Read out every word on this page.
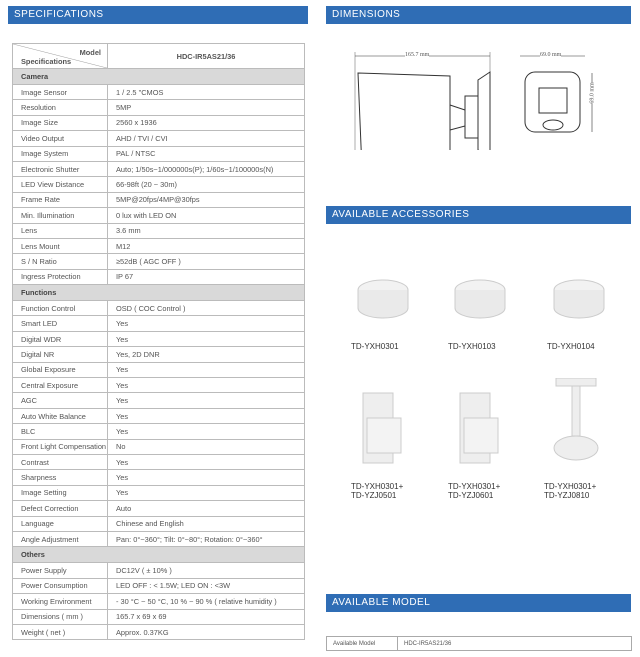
SPECIFICATIONS	DIMENSIONS
AVAILABLE ACCESSORIES
AVAILABLE MODEL
Model
Specifications	HDC-IR5AS21/36
Camera	
Image Sensor	1 / 2.5 "CMOS
Resolution	5MP
Image Size	2560 x 1936
Video Output	AHD / TVI / CVI
Image System	PAL / NTSC
Electronic Shutter	Auto; 1/50s~1/000000s(P); 1/60s~1/100000s(N)
LED View Distance	66-98ft (20 ~ 30m)
Frame Rate	5MP@20fps/4MP@30fps
Min. Illumination	0 lux with LED ON
Lens	3.6 mm
Lens Mount	M12
S / N Ratio	≥52dB ( AGC OFF )
Ingress Protection	IP 67
Functions	
Function Control	OSD ( COC Control )
Smart LED	Yes
Digital WDR	Yes
Digital NR	Yes, 2D DNR
Global Exposure	Yes
Central Exposure	Yes
AGC	Yes
Auto White Balance	Yes
BLC	Yes
Front Light Compensation	No
Contrast	Yes
Sharpness	Yes
Image Setting	Yes
Defect Correction	Auto
Language	Chinese and English
Angle Adjustment	Pan: 0°~360°; Tilt: 0°~80°; Rotation: 0°~360°
Others	
Power Supply	DC12V ( ± 10% )
Power Consumption	LED OFF : < 1.5W; LED ON : <3W
Working Environment	- 30 °C ~ 50 °C, 10 % ~ 90 % ( relative humidity )
Dimensions ( mm )	165.7 x 69 x 69
Weight ( net )	Approx. 0.37KG
165.7 mm	69.0 mm
69.0 mm
TD-YXH0301	TD-YXH0103	TD-YXH0104
TD-YXH0301+
TD-YZJ0501
TD-YXH0301+
TD-YZJ0601
TD-YXH0301+
TD-YZJ0810
Available Model	HDC-IR5AS21/36
